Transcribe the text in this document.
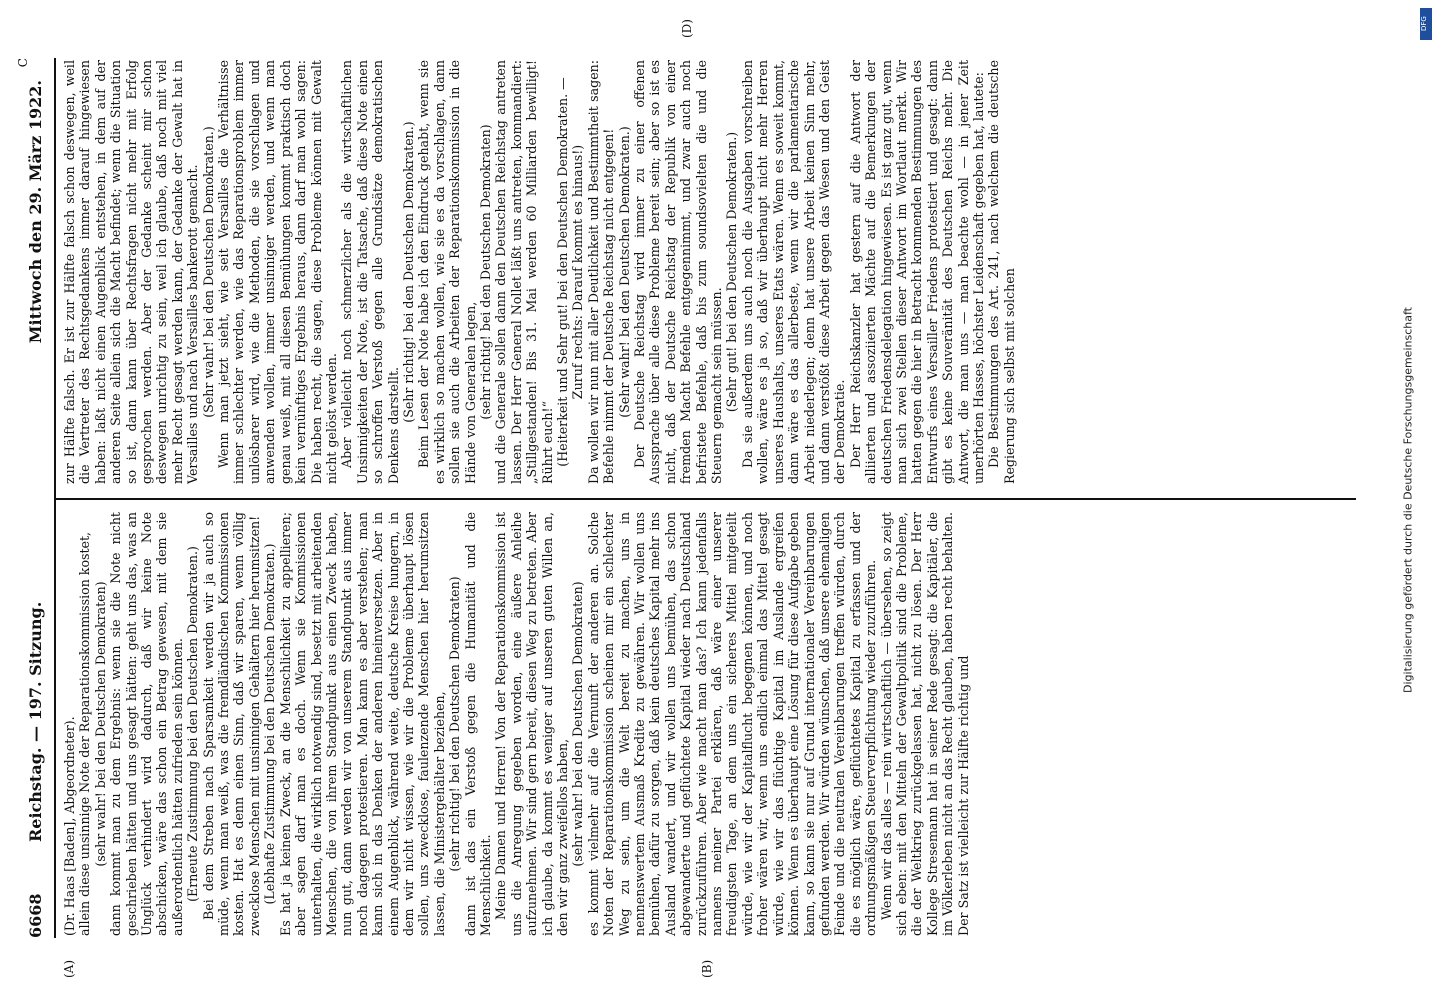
6668
Reichstag. — 197. Sitzung.
Mittwoch den 29. März 1922.
C
(A)	(B)
(D)

(Dr. Haas [Baden], Abgeordneter). allein diese unsinnige Note der Reparationskommission kostet, (sehr wahr! bei den Deutschen Demokraten) dann kommt man zu dem Ergebnis: wenn sie die Note nicht geschrieben hätten und uns gesagt hätten: geht uns das, was an Unglück verhindert wird dadurch, daß wir keine Note abschicken, wäre das schon ein Betrag gewesen, mit dem sie außerordentlich hätten zufrieden sein können. (Erneute Zustimmung bei den Deutschen Demokraten.) Bei dem Streben nach Sparsamkeit werden wir ja auch so müde, wenn man weiß, was die fremdländischen Kommissionen kosten. Hat es denn einen Sinn, daß wir sparen, wenn völlig zwecklose Menschen mit unsinnigen Gehältern hier herumsitzen! (Lebhafte Zustimmung bei den Deutschen Demokraten.) Es hat ja keinen Zweck, an die Menschlichkeit zu appellieren; aber sagen darf man es doch. Wenn sie Kommissionen unterhalten, die wirklich notwendig sind, besetzt mit arbeitenden Menschen, die von ihrem Standpunkt aus einen Zweck haben, nun gut, dann werden wir von unserem Standpunkt aus immer noch dagegen protestieren. Man kann es aber verstehen; man kann sich in das Denken der anderen hineinversetzen. Aber in einem Augenblick, während weite, deutsche Kreise hungern, in dem wir nicht wissen, wie wir die Probleme überhaupt lösen sollen, uns zwecklose, faulenzende Menschen hier herumsitzen lassen, die Ministergehälter beziehen, (sehr richtig! bei den Deutschen Demokraten) dann ist das ein Verstoß gegen die Humanität und die Menschlichkeit. Meine Damen und Herren! Von der Reparationskommission ist uns die Anregung gegeben worden, eine äußere Anleihe aufzunehmen. Wir sind gern bereit, diesen Weg zu betreten. Aber ich glaube, da kommt es weniger auf unseren guten Willen an, den wir ganz zweifellos haben, (sehr wahr! bei den Deutschen Demokraten) es kommt vielmehr auf die Vernunft der anderen an. Solche Noten der Reparationskommission scheinen mir ein schlechter Weg zu sein, um die Welt bereit zu machen, uns in nennenswertem Ausmaß Kredite zu gewähren. Wir wollen uns bemühen, dafür zu sorgen, daß kein deutsches Kapital mehr ins Ausland wandert, und wir wollen uns bemühen, das schon abgewanderte und geflüchtete Kapital wieder nach Deutschland zurückzuführen. Aber wie macht man das? Ich kann jedenfalls namens meiner Partei erklären, daß wäre einer unserer freudigsten Tage, an dem uns ein sicheres Mittel mitgeteilt würde, wie wir der Kapitalflucht begegnen können, und noch froher wären wir, wenn uns endlich einmal das Mittel gesagt würde, wie wir das flüchtige Kapital im Auslande ergreifen können. Wenn es überhaupt eine Lösung für diese Aufgabe geben kann, so kann sie nur auf Grund internationaler Vereinbarungen gefunden werden. Wir würden wünschen, daß unsere ehemaligen Feinde und die neutralen Vereinbarungen treffen würden, durch die es möglich wäre, geflüchtetes Kapital zu erfassen und der ordnungsmäßigen Steuerverpflichtung wieder zuzuführen. Wenn wir das alles — rein wirtschaftlich — übersehen, so zeigt sich eben: mit den Mitteln der Gewaltpolitik sind die Probleme, die der Weltkrieg zurückgelassen hat, nicht zu lösen. Der Herr Kollege Stresemann hat in seiner Rede gesagt: die Kapitäler, die im Völkerleben nicht an das Recht glauben, haben recht behalten. Der Satz ist vielleicht zur Hälfte richtig und

zur Hälfte falsch. Er ist zur Hälfte falsch schon deswegen, weil die Vertreter des Rechtsgedankens immer darauf hingewiesen haben: laßt nicht einen Augenblick entstehen, in dem auf der anderen Seite allein sich die Macht befindet; wenn die Situation so ist, dann kann über Rechtsfragen nicht mehr mit Erfolg gesprochen werden. Aber der Gedanke scheint mir schon deswegen unrichtig zu sein, weil ich glaube, daß noch mit viel mehr Recht gesagt werden kann, der Gedanke der Gewalt hat in Versailles und nach Versailles bankerott gemacht. (Sehr wahr! bei den Deutschen Demokraten.) Wenn man jetzt sieht, wie seit Versailles die Verhältnisse immer schlechter werden, wie das Reparationsproblem immer unlösbarer wird, wie die Methoden, die sie vorschlagen und anwenden wollen, immer unsinniger werden, und wenn man genau weiß, mit all diesen Bemühungen kommt praktisch doch kein vernünftiges Ergebnis heraus, dann darf man wohl sagen: Die haben recht, die sagen, diese Probleme können mit Gewalt nicht gelöst werden. Aber vielleicht noch schmerzlicher als die wirtschaftlichen Unsinnigkeiten der Note, ist die Tatsache, daß diese Note einen so schroffen Verstoß gegen alle Grundsätze demokratischen Denkens darstellt.

(Sehr richtig! bei den Deutschen Demokraten.) Beim Lesen der Note habe ich den Eindruck gehabt, wenn sie es wirklich so machen wollen, wie sie es da vorschlagen, dann sollen sie auch die Arbeiten der Reparationskommission in die Hände von Generalen legen, (sehr richtig! bei den Deutschen Demokraten) und die Generale sollen dann den Deutschen Reichstag antreten lassen. Der Herr General Nollet läßt uns antreten, kommandiert: „Stillgestanden! Bis 31. Mai werden 60 Milliarden bewilligt! Rührt euch!“ (Heiterkeit und Sehr gut! bei den Deutschen Demokraten. — Zuruf rechts: Darauf kommt es hinaus!) Da wollen wir nun mit aller Deutlichkeit und Bestimmtheit sagen: Befehle nimmt der Deutsche Reichstag nicht entgegen! (Sehr wahr! bei den Deutschen Demokraten.) Der Deutsche Reichstag wird immer zu einer offenen Aussprache über alle diese Probleme bereit sein; aber so ist es nicht, daß der Deutsche Reichstag der Republik von einer fremden Macht Befehle entgegennimmt, und zwar auch noch befristete Befehle, daß bis zum soundsovielten die und die Steuern gemacht sein müssen. (Sehr gut! bei den Deutschen Demokraten.) Da sie außerdem uns auch noch die Ausgaben vorschreiben wollen, wäre es ja so, daß wir überhaupt nicht mehr Herren unseres Haushalts, unseres Etats wären. Wenn es soweit kommt, dann wäre es das allerbeste, wenn wir die parlamentarische Arbeit niederlegen; denn hat unsere Arbeit keinen Sinn mehr, und dann verstößt diese Arbeit gegen das Wesen und den Geist der Demokratie. Der Herr Reichskanzler hat gestern auf die Antwort der alliierten und assoziierten Mächte auf die Bemerkungen der deutschen Friedensdelegation hingewiesen. Es ist ganz gut, wenn man sich zwei Stellen dieser Antwort im Wortlaut merkt. Wir hatten gegen die hier in Betracht kommenden Bestimmungen des Entwurfs eines Versailler Friedens protestiert und gesagt: dann gibt es keine Souveränität des Deutschen Reichs mehr. Die Antwort, die man uns — man beachte wohl — in jener Zeit unerhörten Hasses, höchster Leidenschaft gegeben hat, lautete: Die Bestimmungen des Art. 241, nach welchem die deutsche Regierung sich selbst mit solchen	Digitalisierung gefördert durch die Deutsche Forschungsgemeinschaft
DFG
